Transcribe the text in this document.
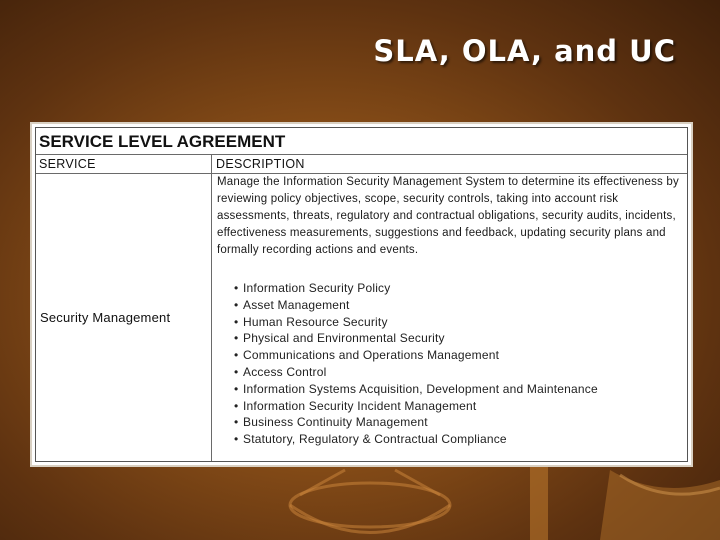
SLA, OLA, and UC
SERVICE LEVEL AGREEMENT
SERVICE	DESCRIPTION
Security Management
Manage the Information Security Management System to determine its effectiveness by reviewing policy objectives, scope, security controls, taking into account risk assessments, threats, regulatory and contractual obligations, security audits, incidents, effectiveness measurements, suggestions and feedback, updating security plans and formally recording actions and events.
• Information Security Policy
• Asset Management
• Human Resource Security
• Physical and Environmental Security
• Communications and Operations Management
• Access Control
• Information Systems Acquisition, Development and Maintenance
• Information Security Incident Management
• Business Continuity Management
• Statutory, Regulatory & Contractual Compliance
